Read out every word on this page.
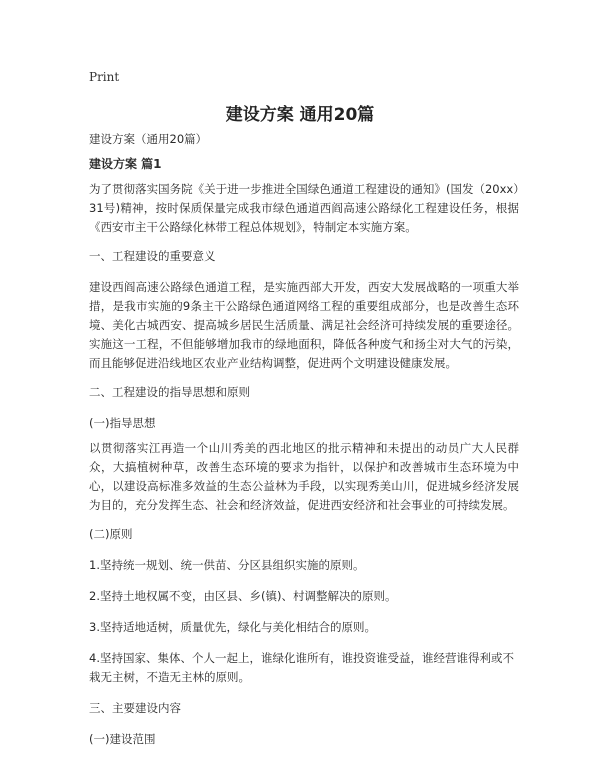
Print
建设方案 通用20篇

建设方案（通用20篇）

建设方案 篇1

为了贯彻落实国务院《关于进一步推进全国绿色通道工程建设的通知》(国发（20xx）31号)精神，按时保质保量完成我市绿色通道西阎高速公路绿化工程建设任务，根据《西安市主干公路绿化林带工程总体规划》，特制定本实施方案。

一、工程建设的重要意义

建设西阎高速公路绿色通道工程，是实施西部大开发，西安大发展战略的一项重大举措，是我市实施的9条主干公路绿色通道网络工程的重要组成部分，也是改善生态环境、美化古城西安、提高城乡居民生活质量、满足社会经济可持续发展的重要途径。实施这一工程，不但能够增加我市的绿地面积，降低各种废气和扬尘对大气的污染，而且能够促进沿线地区农业产业结构调整，促进两个文明建设健康发展。

二、工程建设的指导思想和原则

(一)指导思想

以贯彻落实江再造一个山川秀美的西北地区的批示精神和未提出的动员广大人民群众，大搞植树种草，改善生态环境的要求为指针，以保护和改善城市生态环境为中心，以建设高标准多效益的生态公益林为手段，以实现秀美山川，促进城乡经济发展为目的，充分发挥生态、社会和经济效益，促进西安经济和社会事业的可持续发展。

(二)原则

1.坚持统一规划、统一供苗、分区县组织实施的原则。

2.坚持土地权属不变，由区县、乡(镇)、村调整解决的原则。

3.坚持适地适树，质量优先，绿化与美化相结合的原则。

4.坚持国家、集体、个人一起上，谁绿化谁所有，谁投资谁受益，谁经营谁得利或不栽无主树，不造无主林的原则。

三、主要建设内容

(一)建设范围
